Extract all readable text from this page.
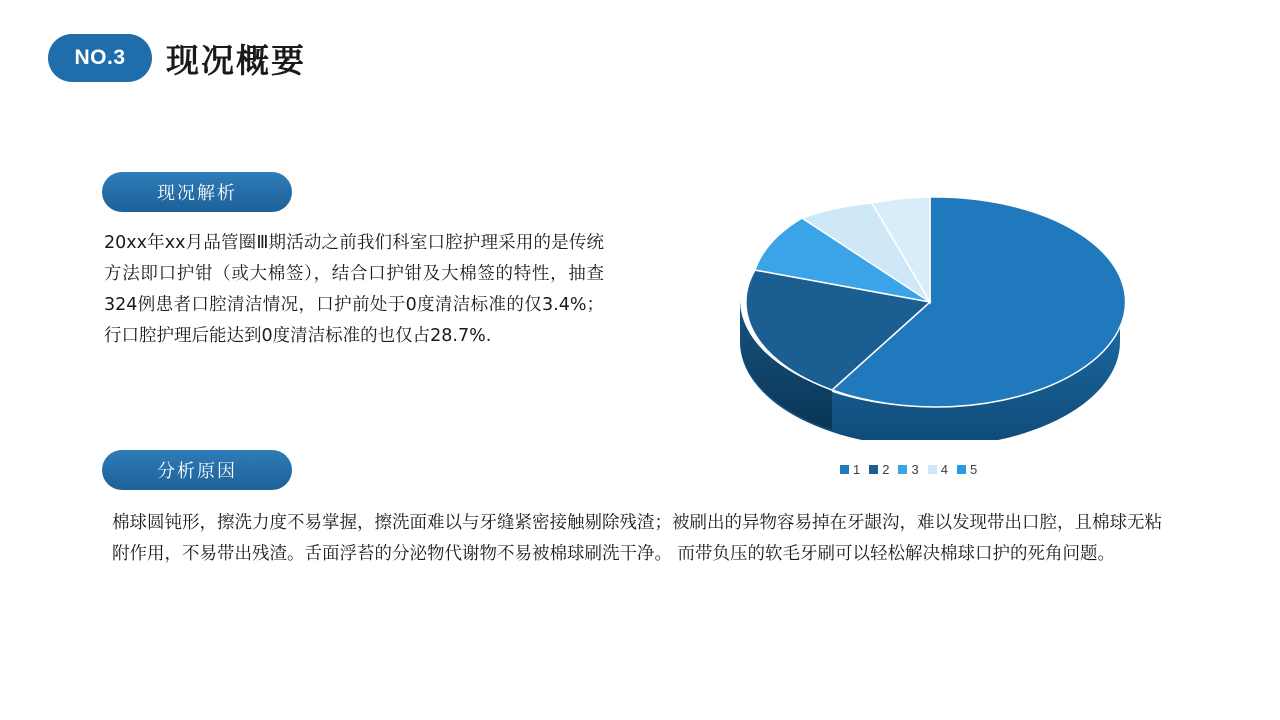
NO.3	现况概要
现况解析
20xx年xx月品管圈Ⅲ期活动之前我们科室口腔护理采用的是传统方法即口护钳（或大棉签），结合口护钳及大棉签的特性，抽查324例患者口腔清洁情况，口护前处于0度清洁标准的仅3.4%；行口腔护理后能达到0度清洁标准的也仅占28.7%.
分析原因
棉球圆钝形，擦洗力度不易掌握，擦洗面难以与牙缝紧密接触剔除残渣；被刷出的异物容易掉在牙龈沟，难以发现带出口腔，且棉球无粘附作用，不易带出残渣。舌面浮苔的分泌物代谢物不易被棉球刷洗干净。 而带负压的软毛牙刷可以轻松解决棉球口护的死角问题。
1 2 3 4 5
